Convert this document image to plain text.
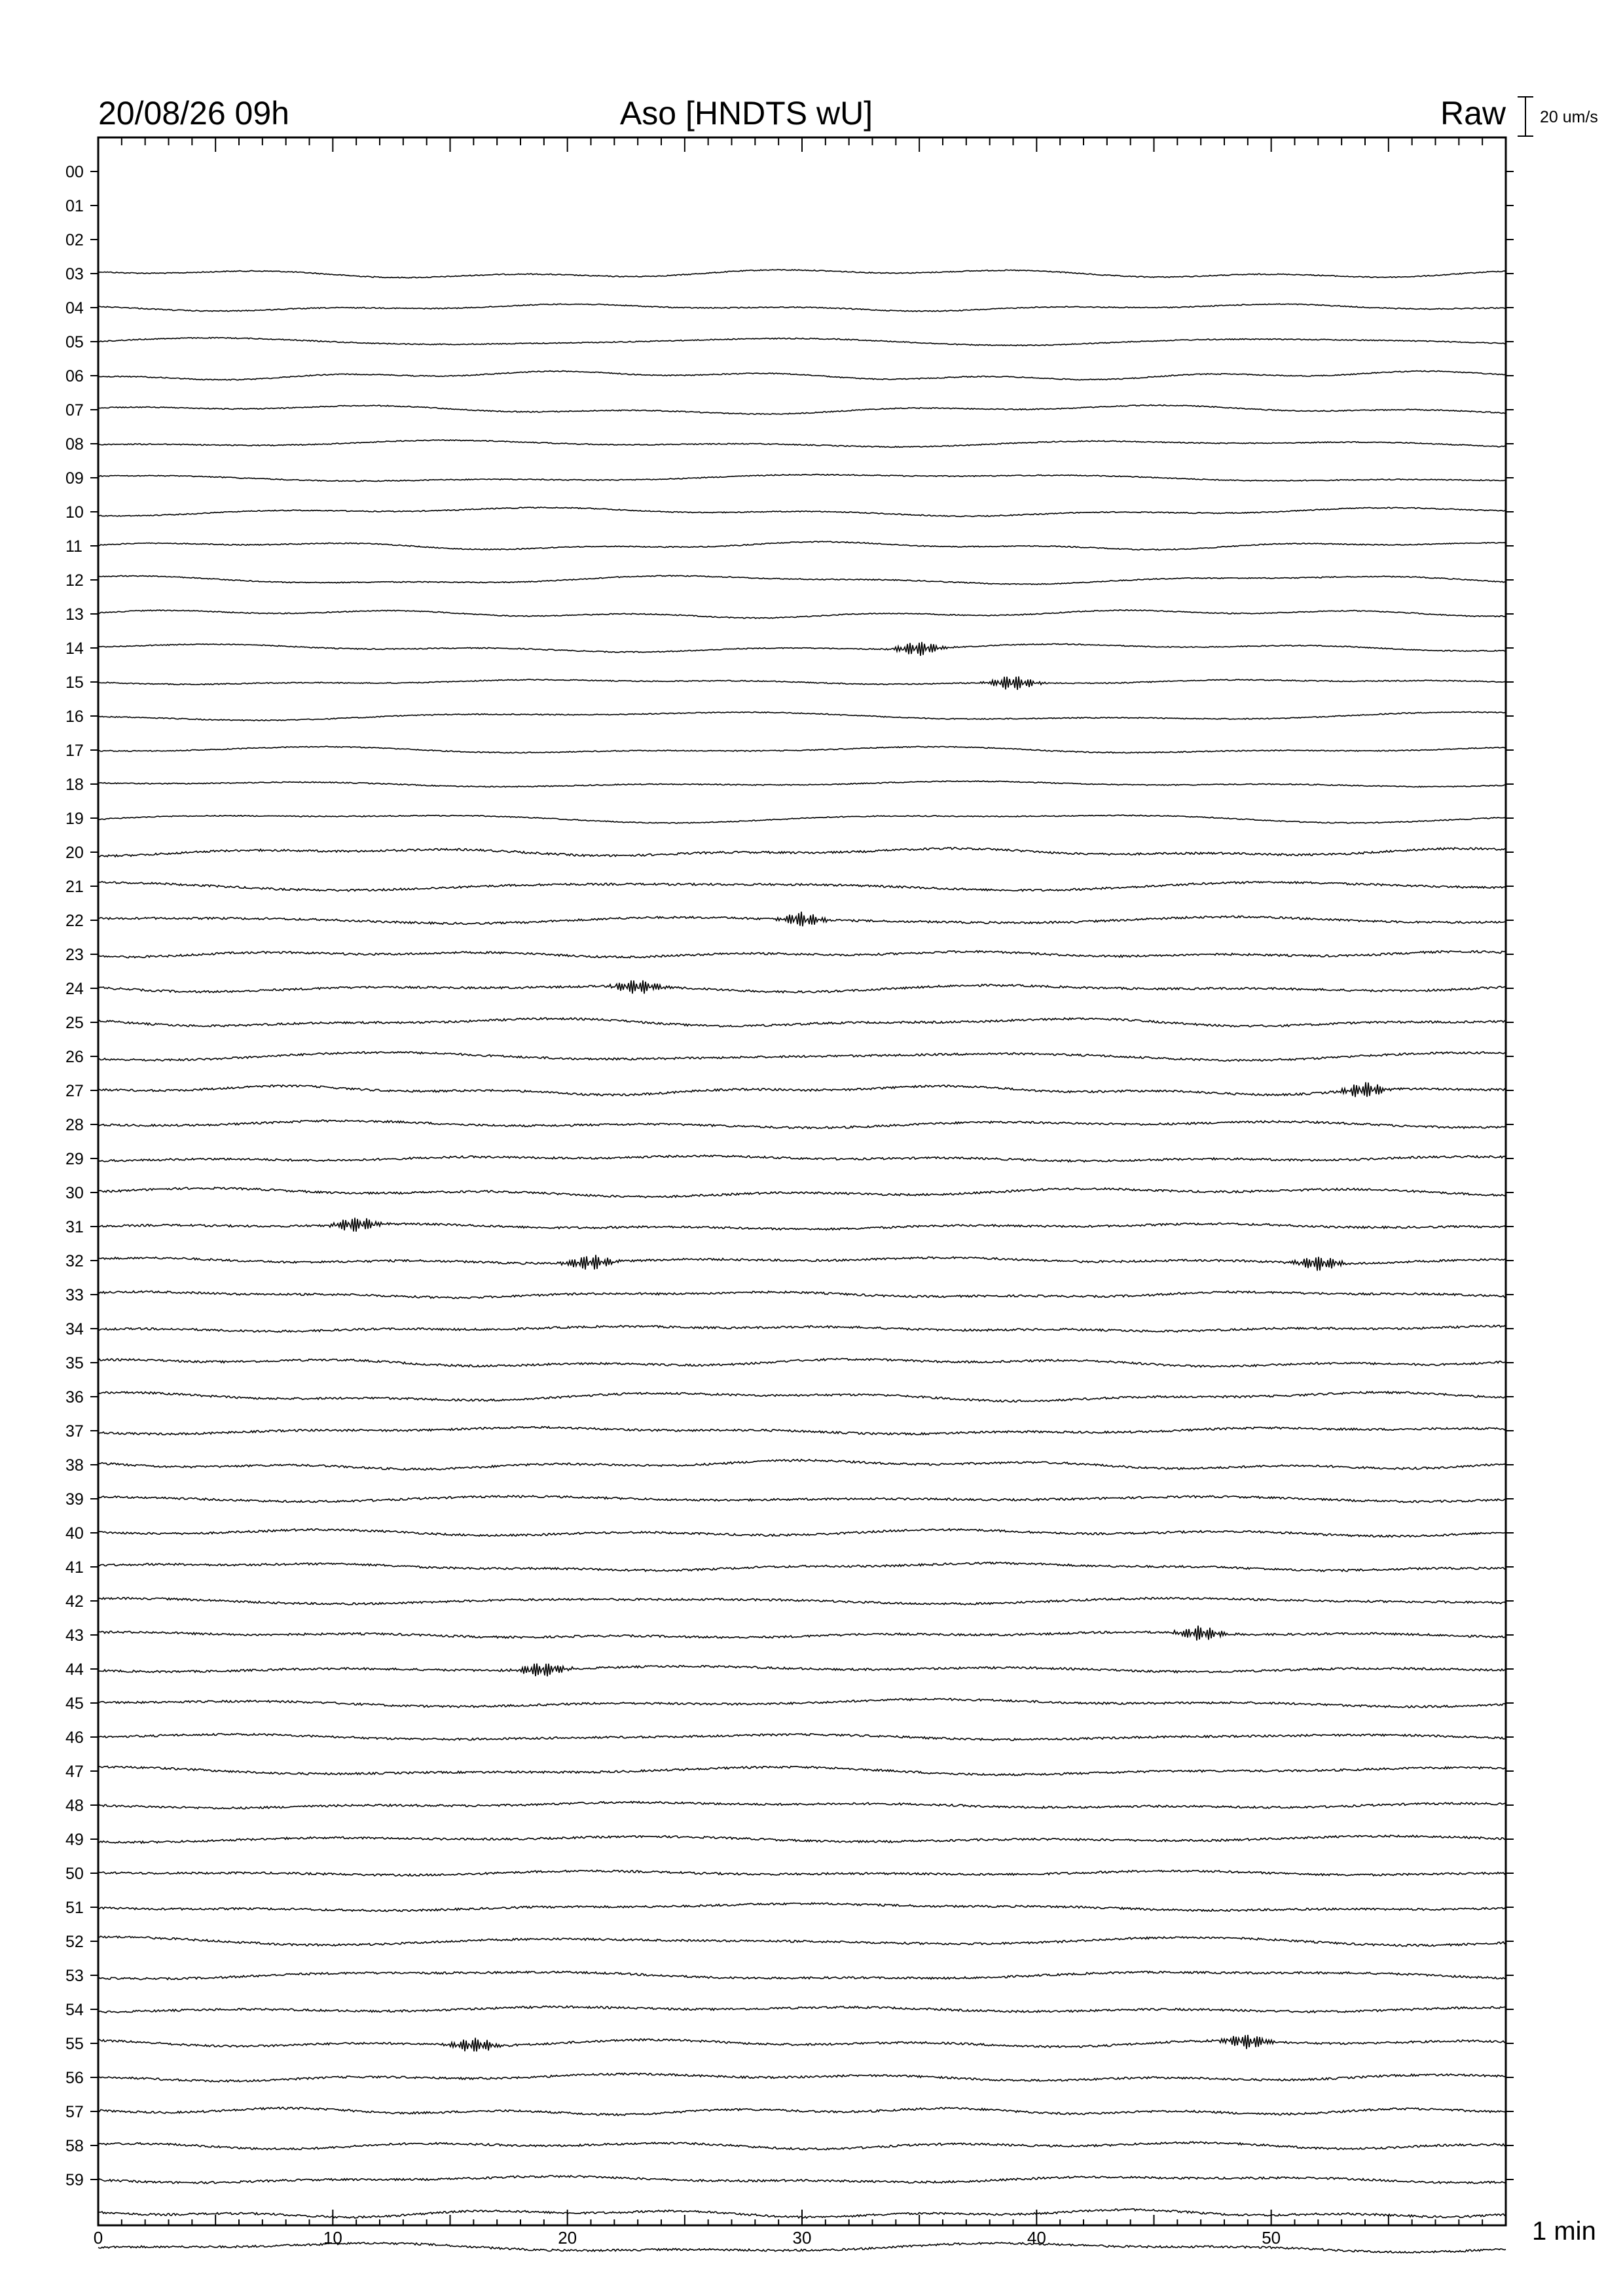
20/08/26 09h	Aso [HNDTS wU]	Raw 20 um/s
00
01
02
03
04
05
06
07
08
09
10
11
12
13
14
15
16
17
18
19
20
21
22
23
24
25
26
27
28
29
30
31
32
33
34
35
36
37
38
39
40
41
42
43
44
45
46
47
48
49
50
51
52
53
54
55
56
57
58
59
0	10	20	30	40	50	1 min
